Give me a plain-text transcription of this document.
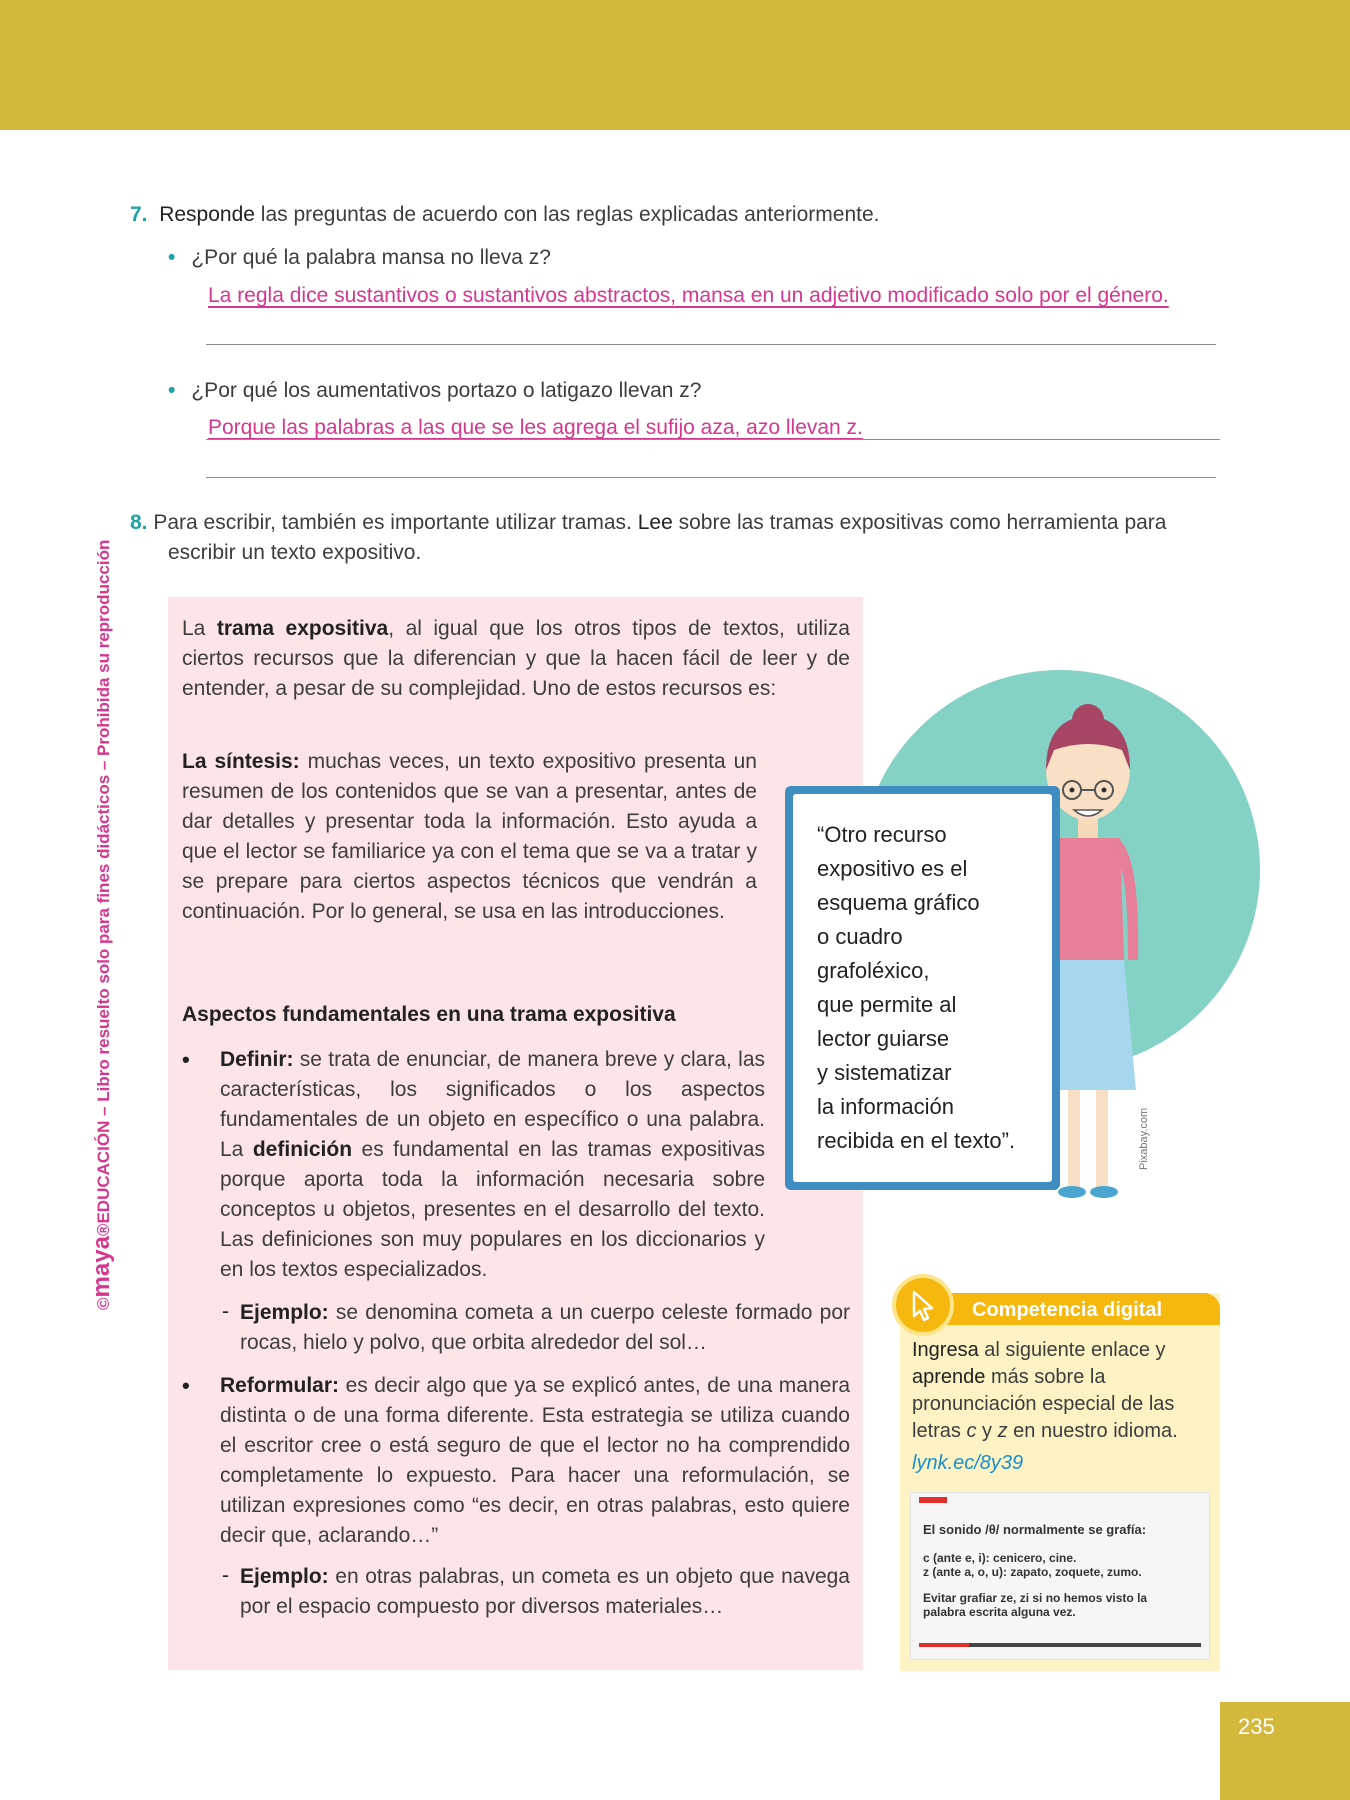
©maya®EDUCACIÓN – Libro resuelto solo para fines didácticos – Prohibida su reproducción
7. Responde las preguntas de acuerdo con las reglas explicadas anteriormente.
• ¿Por qué la palabra mansa no lleva z?
La regla dice sustantivos o sustantivos abstractos, mansa en un adjetivo modificado solo por el género.
• ¿Por qué los aumentativos portazo o latigazo llevan z?
Porque las palabras a las que se les agrega el sufijo aza, azo llevan z.
8. Para escribir, también es importante utilizar tramas. Lee sobre las tramas expositivas como herramienta para
escribir un texto expositivo.
La trama expositiva, al igual que los otros tipos de textos, utiliza ciertos recursos que la diferencian y que la hacen fácil de leer y de entender, a pesar de su complejidad. Uno de estos recursos es:
La síntesis: muchas veces, un texto expositivo presenta un resumen de los contenidos que se van a presentar, antes de dar detalles y presentar toda la información. Esto ayuda a que el lector se familiarice ya con el tema que se va a tratar y se prepare para ciertos aspectos técnicos que vendrán a continuación. Por lo general, se usa en las introducciones.
Aspectos fundamentales en una trama expositiva
• Definir: se trata de enunciar, de manera breve y clara, las características, los significados o los aspectos fundamentales de un objeto en específico o una palabra. La definición es fundamental en las tramas expositivas porque aporta toda la información necesaria sobre conceptos u objetos, presentes en el desarrollo del texto. Las definiciones son muy populares en los diccionarios y en los textos especializados.
- Ejemplo: se denomina cometa a un cuerpo celeste formado por rocas, hielo y polvo, que orbita alrededor del sol…
• Reformular: es decir algo que ya se explicó antes, de una manera distinta o de una forma diferente. Esta estrategia se utiliza cuando el escritor cree o está seguro de que el lector no ha comprendido completamente lo expuesto. Para hacer una reformulación, se utilizan expresiones como “es decir, en otras palabras, esto quiere decir que, aclarando…”
- Ejemplo: en otras palabras, un cometa es un objeto que navega por el espacio compuesto por diversos materiales…
“Otro recurso
expositivo es el
esquema gráfico
o cuadro
grafoléxico,
que permite al
lector guiarse
y sistematizar
la información
recibida en el texto”.	Pixabay.com
Competencia digital
Ingresa al siguiente enlace y aprende más sobre la pronunciación especial de las letras c y z en nuestro idioma.
lynk.ec/8y39
El sonido /θ/ normalmente se grafía:
c (ante e, i): cenicero, cine.
z (ante a, o, u): zapato, zoquete, zumo.
Evitar grafiar ze, zi si no hemos visto la
palabra escrita alguna vez.
235
